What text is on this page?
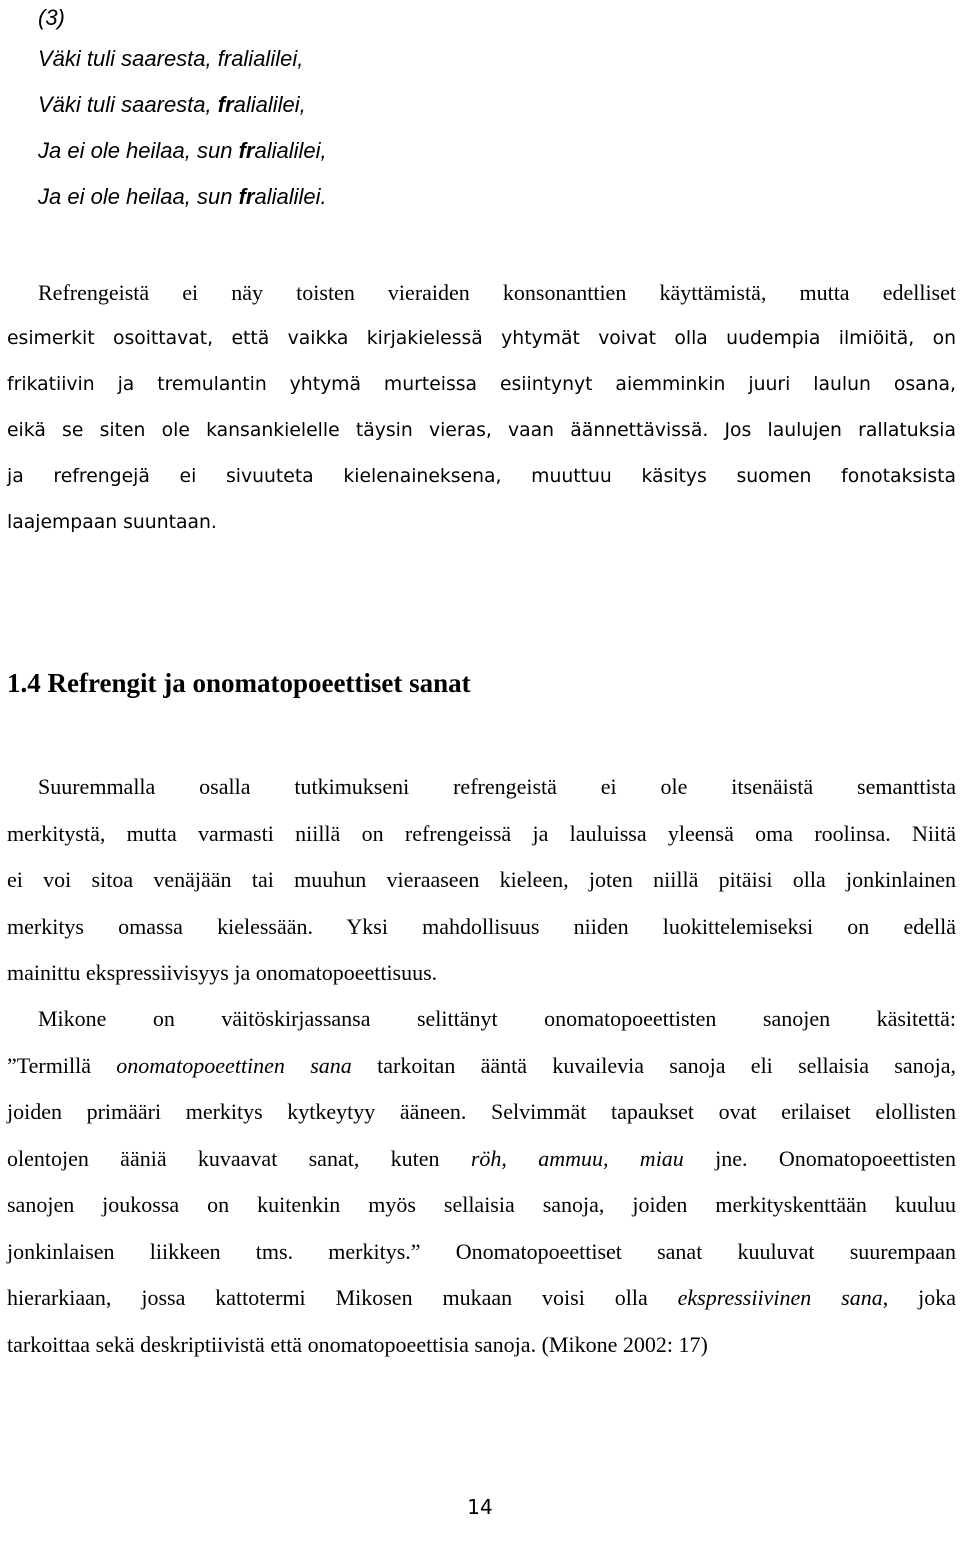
(3)
Väki tuli saaresta, fralialilei,
Väki tuli saaresta, fralialilei,
Ja ei ole heilaa, sun fralialilei,
Ja ei ole heilaa, sun fralialilei.

Refrengeistä ei näy toisten vieraiden konsonanttien käyttämistä, mutta edelliset
esimerkit osoittavat, että vaikka kirjakielessä yhtymät voivat olla uudempia ilmiöitä, on
frikatiivin ja tremulantin yhtymä murteissa esiintynyt aiemminkin juuri laulun osana,
eikä se siten ole kansankielelle täysin vieras, vaan äännettävissä. Jos laulujen rallatuksia
ja refrengejä ei sivuuteta kielenaineksena, muuttuu käsitys suomen fonotaksista
laajempaan suuntaan.

1.4 Refrengit ja onomatopoeettiset sanat

Suuremmalla osalla tutkimukseni refrengeistä ei ole itsenäistä semanttista
merkitystä, mutta varmasti niillä on refrengeissä ja lauluissa yleensä oma roolinsa. Niitä
ei voi sitoa venäjään tai muuhun vieraaseen kieleen, joten niillä pitäisi olla jonkinlainen
merkitys omassa kielessään. Yksi mahdollisuus niiden luokittelemiseksi on edellä
mainittu ekspressiivisyys ja onomatopoeettisuus.

Mikone on väitöskirjassansa selittänyt onomatopoeettisten sanojen käsitettä:
”Termillä onomatopoeettinen sana tarkoitan ääntä kuvailevia sanoja eli sellaisia sanoja,
joiden primääri merkitys kytkeytyy ääneen. Selvimmät tapaukset ovat erilaiset elollisten
olentojen ääniä kuvaavat sanat, kuten röh, ammuu, miau jne. Onomatopoeettisten
sanojen joukossa on kuitenkin myös sellaisia sanoja, joiden merkityskenttään kuuluu
jonkinlaisen liikkeen tms. merkitys.” Onomatopoeettiset sanat kuuluvat suurempaan
hierarkiaan, jossa kattotermi Mikosen mukaan voisi olla ekspressiivinen sana, joka
tarkoittaa sekä deskriptiivistä että onomatopoeettisia sanoja. (Mikone 2002: 17)

14
